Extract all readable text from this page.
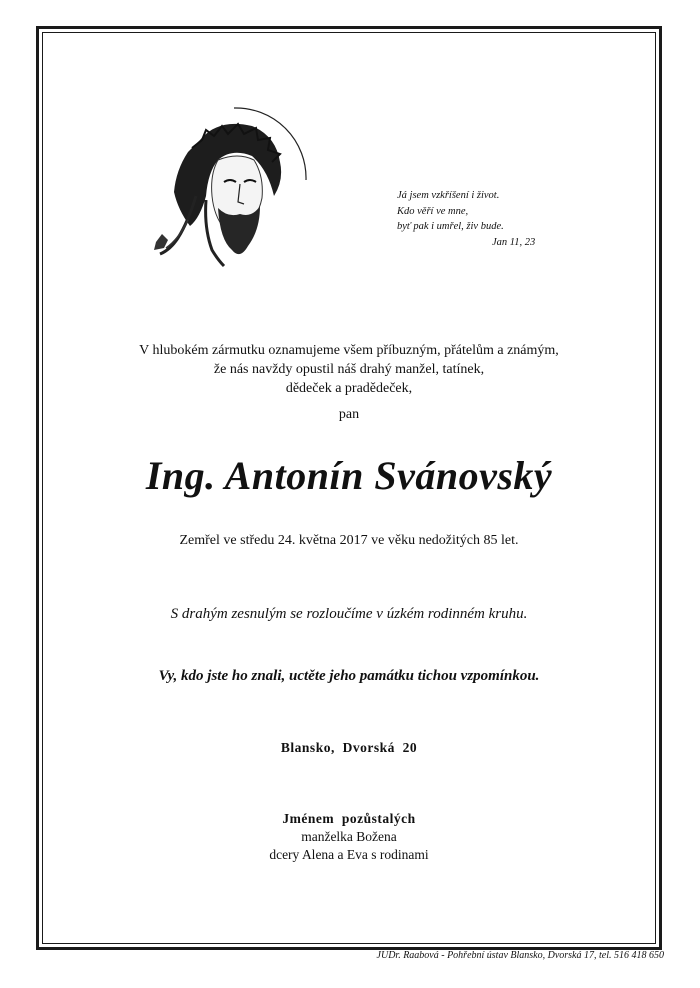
Já jsem vzkříšení i život.
Kdo věří ve mne,
byť pak i umřel, živ bude.
Jan 11, 23
V hlubokém zármutku oznamujeme všem příbuzným, přátelům a známým,
že nás navždy opustil náš drahý manžel, tatínek,
dědeček a pradědeček,
pan
Ing. Antonín Svánovský
Zemřel ve středu 24. května 2017 ve věku nedožitých 85 let.
S drahým zesnulým se rozloučíme v úzkém rodinném kruhu.
Vy, kdo jste ho znali, uctěte jeho památku tichou vzpomínkou.
Blansko,  Dvorská  20
Jménem  pozůstalých
manželka Božena
dcery Alena a Eva s rodinami
JUDr. Raabová - Pohřební ústav Blansko, Dvorská 17, tel. 516 418 650
